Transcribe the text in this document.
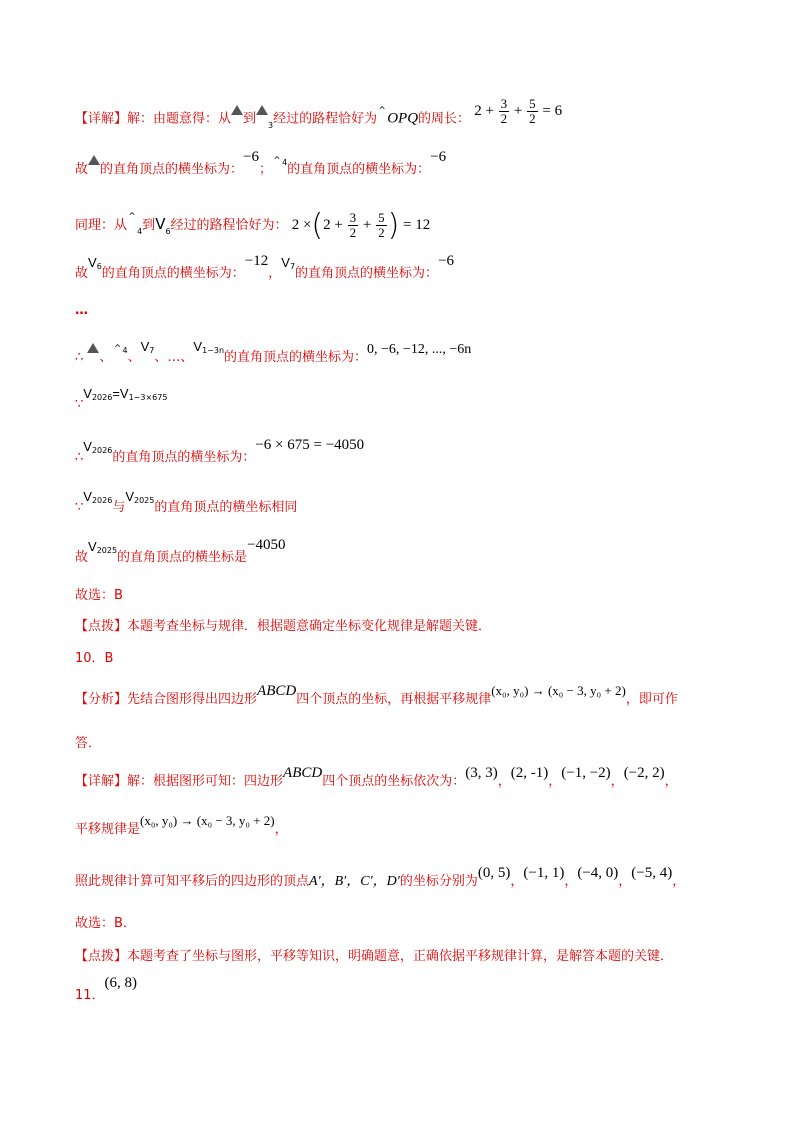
【详解】解：由题意得：从 到 $_3$经过的路程恰好为⌃OPQ的周长： $2 + \frac{3}{2} + \frac{5}{2} = 6$
故 的直角顶点的横坐标为：−6；⌃$^4$的直角顶点的横坐标为：−6
同理：从$⌃_4$到$V_6$经过的路程恰好为： $2 \times(2 + \frac{3}{2} + \frac{5}{2}$ ) = 12
故$V^6$的直角顶点的横坐标为：−12，$V^7$的直角顶点的横坐标为：−6
…
∴ 、⌃$^4$、$V^7$、…、$V^{1-3n}$的直角顶点的横坐标为：0, −6, −12, ..., −6n
$\because V^{2026}=V^{1-3\times 675}$
$\therefore V^{2026}$的直角顶点的横坐标为：−6 × 675 = −4050
$\because V^{2026}$与$V^{2025}$的直角顶点的横坐标相同
故$V^{2025}$的直角顶点的横坐标是−4050
故选：B
【点拨】本题考查坐标与规律．根据题意确定坐标变化规律是解题关键．
10．B
【分析】先结合图形得出四边形ABCD四个顶点的坐标，再根据平移规律(x₀, y₀) → (x₀ − 3, y₀ + 2)，即可作
答．
【详解】解：根据图形可知：四边形ABCD四个顶点的坐标依次为：(3, 3)，(2, -1)，(−1, −2)，(−2, 2)，
平移规律是(x₀, y₀) → (x₀ − 3, y₀ + 2)，
照此规律计算可知平移后的四边形的顶点A′，B′，C′，D′的坐标分别为(0, 5)，(−1, 1)，(−4, 0)，(−5, 4)，
故选：B．
【点拨】本题考查了坐标与图形，平移等知识，明确题意，正确依据平移规律计算，是解答本题的关键．
11．(6, 8)
